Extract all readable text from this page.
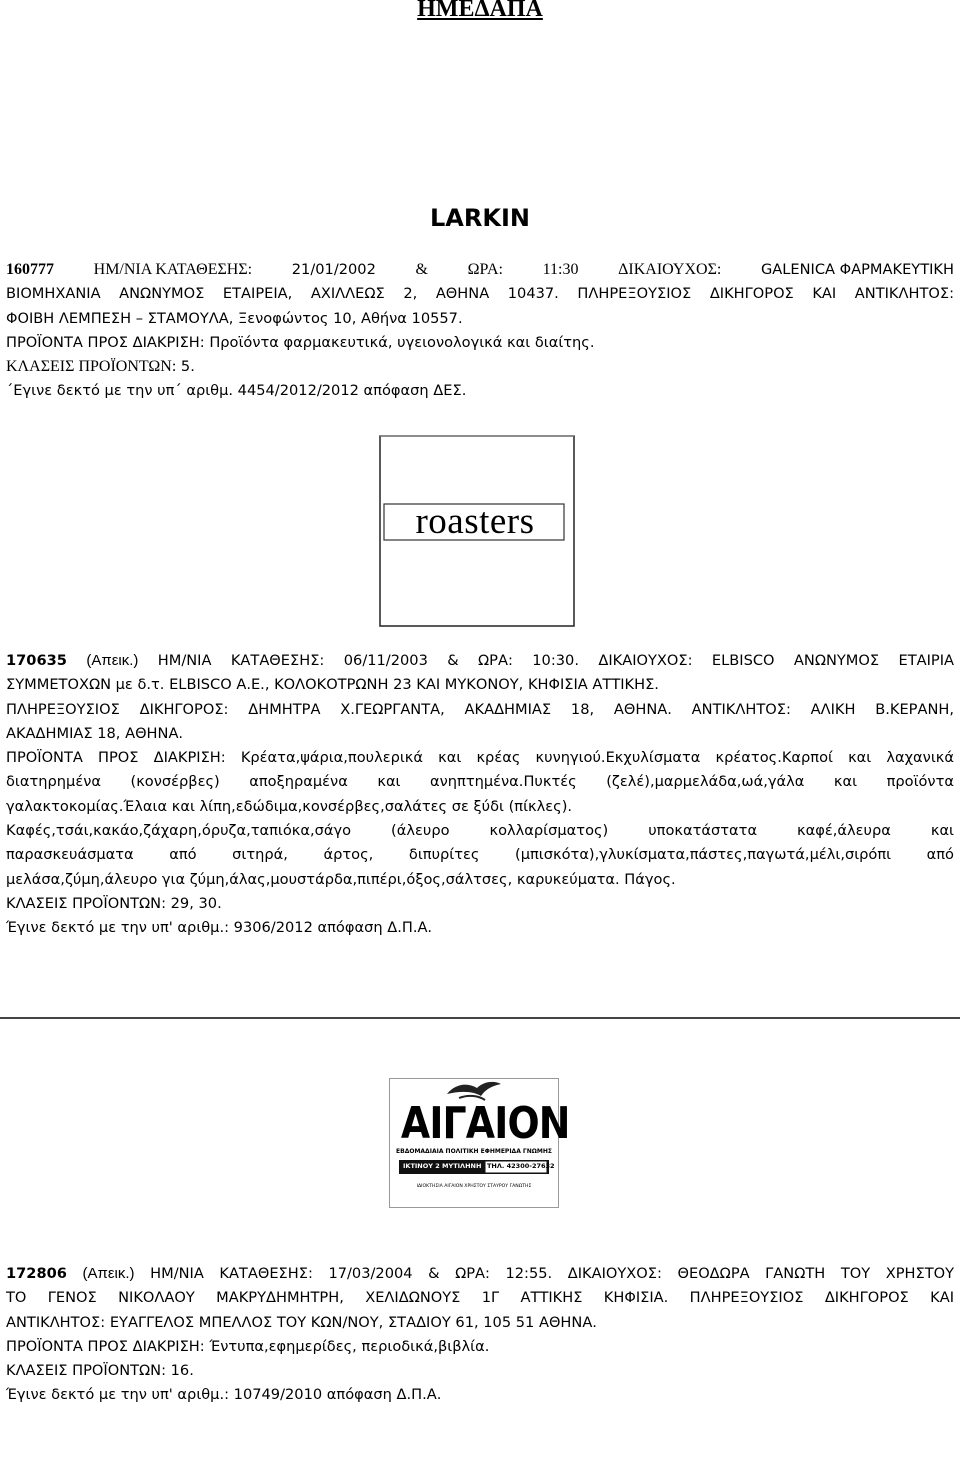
ΗΜΕΔΑΠΑ
LARKIN
160777 ΗΜ/ΝΙΑ ΚΑΤΑΘΕΣΗΣ:	21/01/2002 & ΩΡΑ: 11:30 ΔΙΚΑΙΟΥΧΟΣ:	GALENICA ΦΑΡΜΑΚΕΥΤΙΚΗ
ΒΙΟΜΗΧΑΝΙΑ ΑΝΩΝΥΜΟΣ ΕΤΑΙΡΕΙΑ, ΑΧΙΛΛΕΩΣ 2, ΑΘΗΝΑ 10437. ΠΛΗΡΕΞΟΥΣΙΟΣ ΔΙΚΗΓΟΡΟΣ ΚΑΙ ΑΝΤΙΚΛΗΤΟΣ:
ΦΟΙΒΗ ΛΕΜΠΕΣΗ – ΣΤΑΜΟΥΛΑ, Ξενοφώντος 10, Αθήνα 10557.
ΠΡΟΪΟΝΤΑ ΠΡΟΣ ΔΙΑΚΡΙΣΗ: Προϊόντα φαρμακευτικά, υγειονολογικά και διαίτης.
ΚΛΑΣΕΙΣ ΠΡΟΪΟΝΤΩΝ: 5.
΄Εγινε δεκτό με την υπ΄ αριθμ. 4454/2012/2012 απόφαση ΔΕΣ.
roasters
170635 (Απεικ.) ΗΜ/ΝΙΑ ΚΑΤΑΘΕΣΗΣ: 06/11/2003 & ΩΡΑ: 10:30. ΔΙΚΑΙΟΥΧΟΣ: ELBISCO ΑΝΩΝΥΜΟΣ ΕΤΑΙΡΙΑ
ΣΥΜΜΕΤΟΧΩΝ με δ.τ. ELBISCO Α.Ε., ΚΟΛΟΚΟΤΡΩΝΗ 23 ΚΑΙ ΜΥΚΟΝΟΥ, ΚΗΦΙΣΙΑ ΑΤΤΙΚΗΣ.
ΠΛΗΡΕΞΟΥΣΙΟΣ ΔΙΚΗΓΟΡΟΣ: ΔΗΜΗΤΡΑ Χ.ΓΕΩΡΓΑΝΤΑ, ΑΚΑΔΗΜΙΑΣ 18, ΑΘΗΝΑ. ΑΝΤΙΚΛΗΤΟΣ: ΑΛΙΚΗ Β.ΚΕΡΑΝΗ,
ΑΚΑΔΗΜΙΑΣ 18, ΑΘΗΝΑ.
ΠΡΟΪΟΝΤΑ ΠΡΟΣ ΔΙΑΚΡΙΣΗ: Κρέατα,ψάρια,πουλερικά και κρέας κυνηγιού.Εκχυλίσματα κρέατος.Καρποί και λαχανικά
διατηρημένα (κονσέρβες) αποξηραμένα και ανηπτημένα.Πυκτές (ζελέ),μαρμελάδα,ωά,γάλα και προϊόντα
γαλακτοκομίας.Έλαια και λίπη,εδώδιμα,κονσέρβες,σαλάτες σε ξύδι (πίκλες).
Καφές,τσάι,κακάο,ζάχαρη,όρυζα,ταπιόκα,σάγο (άλευρο κολλαρίσματος) υποκατάστατα καφέ,άλευρα και
παρασκευάσματα από σιτηρά, άρτος, διπυρίτες (μπισκότα),γλυκίσματα,πάστες,παγωτά,μέλι,σιρόπι από
μελάσα,ζύμη,άλευρο για ζύμη,άλας,μουστάρδα,πιπέρι,όξος,σάλτσες, καρυκεύματα. Πάγος.
ΚΛΑΣΕΙΣ ΠΡΟΪΟΝΤΩΝ: 29, 30.
Έγινε δεκτό με την υπ' αριθμ.: 9306/2012 απόφαση Δ.Π.Α.
ΑΙΓΑΙΟΝ
ΕΒΔΟΜΑΔΙΑΙΑ ΠΟΛΙΤΙΚΗ ΕΦΗΜΕΡΙΔΑ ΓΝΩΜΗΣ
ΙΚΤΙΝΟΥ 2 ΜΥΤΙΛΗΝΗ ΤΗΛ. 42300-27632
ΙΔΙΟΚΤΗΣΙΑ ΑΙΓΑΙΟΝ ΧΡΗΣΤΟΥ ΣΤΑΥΡΟΥ ΓΑΝΩΤΗΣ
172806 (Απεικ.) ΗΜ/ΝΙΑ ΚΑΤΑΘΕΣΗΣ: 17/03/2004 & ΩΡΑ: 12:55. ΔΙΚΑΙΟΥΧΟΣ: ΘΕΟΔΩΡΑ ΓΑΝΩΤΗ ΤΟΥ ΧΡΗΣΤΟΥ
ΤΟ ΓΕΝΟΣ ΝΙΚΟΛΑΟΥ ΜΑΚΡΥΔΗΜΗΤΡΗ, ΧΕΛΙΔΩΝΟΥΣ 1Γ ΑΤΤΙΚΗΣ ΚΗΦΙΣΙΑ. ΠΛΗΡΕΞΟΥΣΙΟΣ ΔΙΚΗΓΟΡΟΣ ΚΑΙ
ΑΝΤΙΚΛΗΤΟΣ: ΕΥΑΓΓΕΛΟΣ ΜΠΕΛΛΟΣ ΤΟΥ ΚΩΝ/ΝΟΥ, ΣΤΑΔΙΟΥ 61, 105 51 ΑΘΗΝΑ.
ΠΡΟΪΟΝΤΑ ΠΡΟΣ ΔΙΑΚΡΙΣΗ: Έντυπα,εφημερίδες, περιοδικά,βιβλία.
ΚΛΑΣΕΙΣ ΠΡΟΪΟΝΤΩΝ: 16.
Έγινε δεκτό με την υπ' αριθμ.: 10749/2010 απόφαση Δ.Π.Α.
